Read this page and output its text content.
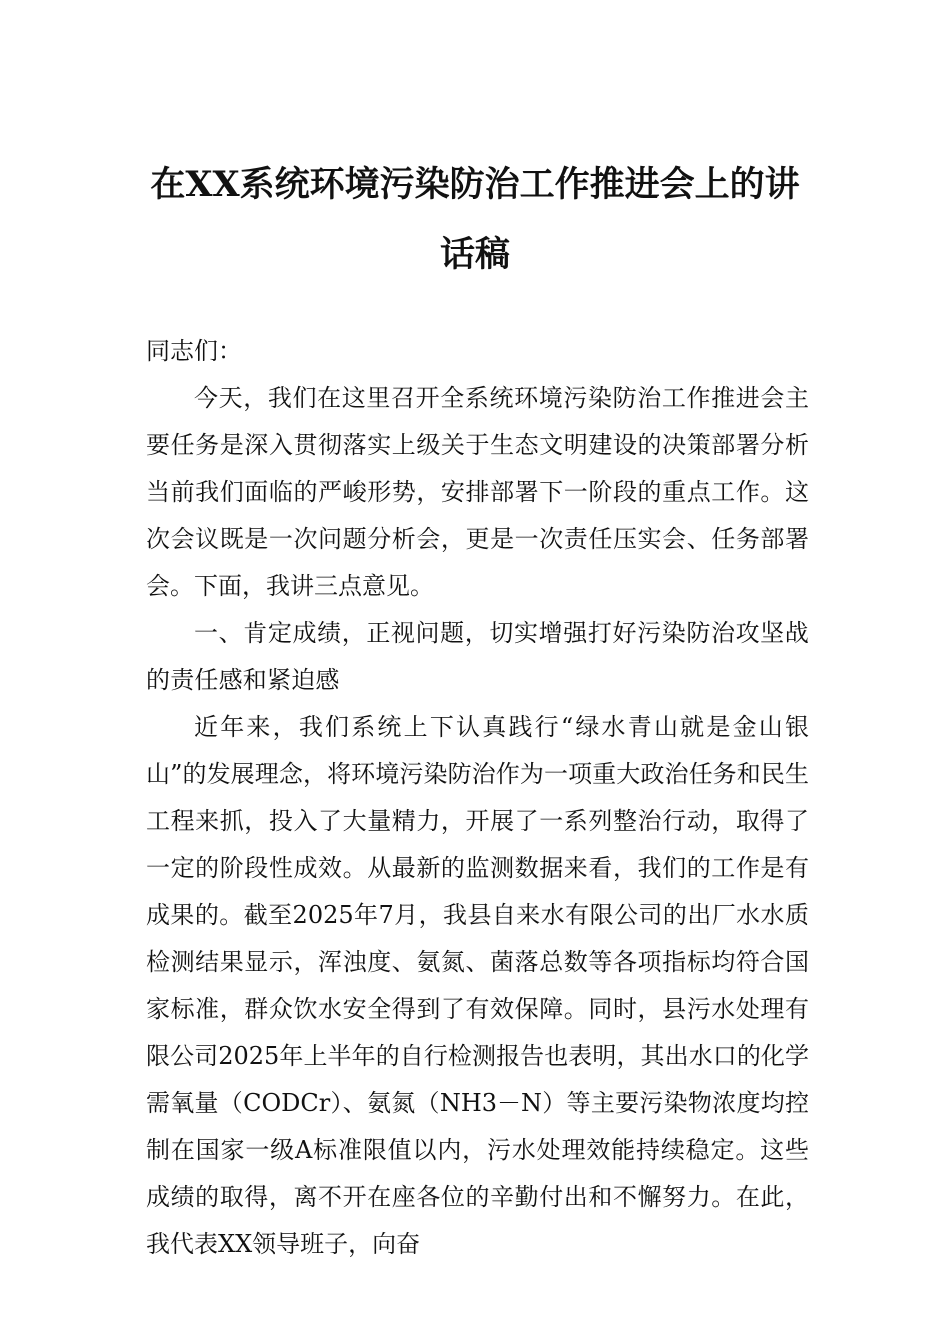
在XX系统环境污染防治工作推进会上的讲
话稿

同志们：

今天，我们在这里召开全系统环境污染防治工作推进会主要任务是深入贯彻落实上级关于生态文明建设的决策部署分析当前我们面临的严峻形势，安排部署下一阶段的重点工作。这次会议既是一次问题分析会，更是一次责任压实会、任务部署会。下面，我讲三点意见。

一、肯定成绩，正视问题，切实增强打好污染防治攻坚战的责任感和紧迫感

近年来，我们系统上下认真践行“绿水青山就是金山银山”的发展理念，将环境污染防治作为一项重大政治任务和民生工程来抓，投入了大量精力，开展了一系列整治行动，取得了一定的阶段性成效。从最新的监测数据来看，我们的工作是有成果的。截至2025年7月，我县自来水有限公司的出厂水水质检测结果显示，浑浊度、氨氮、菌落总数等各项指标均符合国家标准，群众饮水安全得到了有效保障。同时，县污水处理有限公司2025年上半年的自行检测报告也表明，其出水口的化学需氧量（CODCr）、氨氮（NH3－N）等主要污染物浓度均控制在国家一级A标准限值以内，污水处理效能持续稳定。这些成绩的取得，离不开在座各位的辛勤付出和不懈努力。在此，我代表XX领导班子，向奋
